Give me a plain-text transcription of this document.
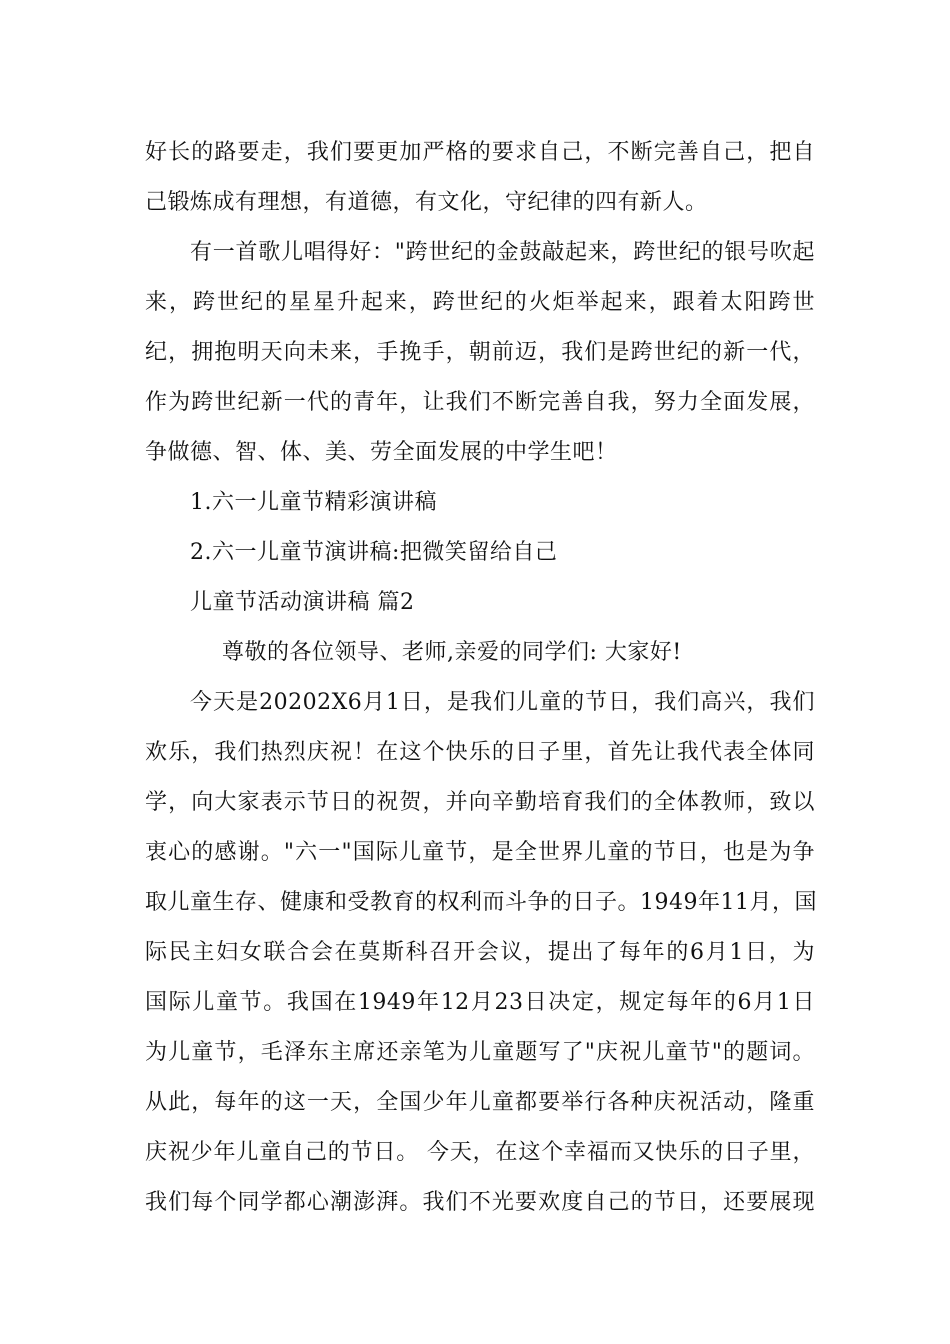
好长的路要走，我们要更加严格的要求自己，不断完善自己，把自
己锻炼成有理想，有道德，有文化，守纪律的四有新人。
有一首歌儿唱得好："跨世纪的金鼓敲起来，跨世纪的银号吹起
来，跨世纪的星星升起来，跨世纪的火炬举起来，跟着太阳跨世
纪，拥抱明天向未来，手挽手，朝前迈，我们是跨世纪的新一代，
作为跨世纪新一代的青年，让我们不断完善自我，努力全面发展，
争做德、智、体、美、劳全面发展的中学生吧！
1.六一儿童节精彩演讲稿
2.六一儿童节演讲稿:把微笑留给自己
儿童节活动演讲稿 篇2
尊敬的各位领导、老师,亲爱的同学们: 大家好!
今天是20202X6月1日，是我们儿童的节日，我们高兴，我们
欢乐，我们热烈庆祝！在这个快乐的日子里，首先让我代表全体同
学，向大家表示节日的祝贺，并向辛勤培育我们的全体教师，致以
衷心的感谢。"六一"国际儿童节，是全世界儿童的节日，也是为争
取儿童生存、健康和受教育的权利而斗争的日子。1949年11月，国
际民主妇女联合会在莫斯科召开会议，提出了每年的6月1日，为
国际儿童节。我国在1949年12月23日决定，规定每年的6月1日
为儿童节，毛泽东主席还亲笔为儿童题写了"庆祝儿童节"的题词。
从此，每年的这一天，全国少年儿童都要举行各种庆祝活动，隆重
庆祝少年儿童自己的节日。 今天，在这个幸福而又快乐的日子里，
我们每个同学都心潮澎湃。我们不光要欢度自己的节日，还要展现
